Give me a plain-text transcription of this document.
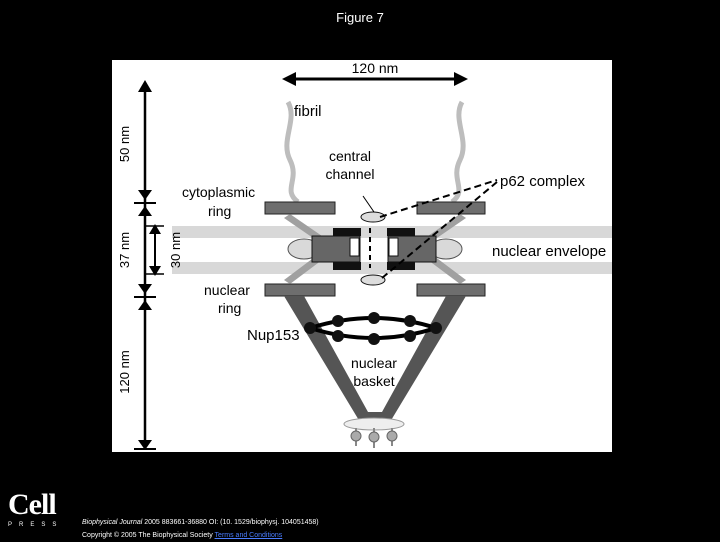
Figure 7
120 nm
fibril
central
channel	p62 complex
cytoplasmic
ring
nuclear envelope
nuclear
ring
Nup153
nuclear
basket
50 nm
37 nm	30 nm
120 nm
Cell
PRESS	Biophysical Journal 2005 883661-36880 OI: (10. 1529/biophysj. 104051458)
Copyright © 2005 The Biophysical Society Terms and Conditions
